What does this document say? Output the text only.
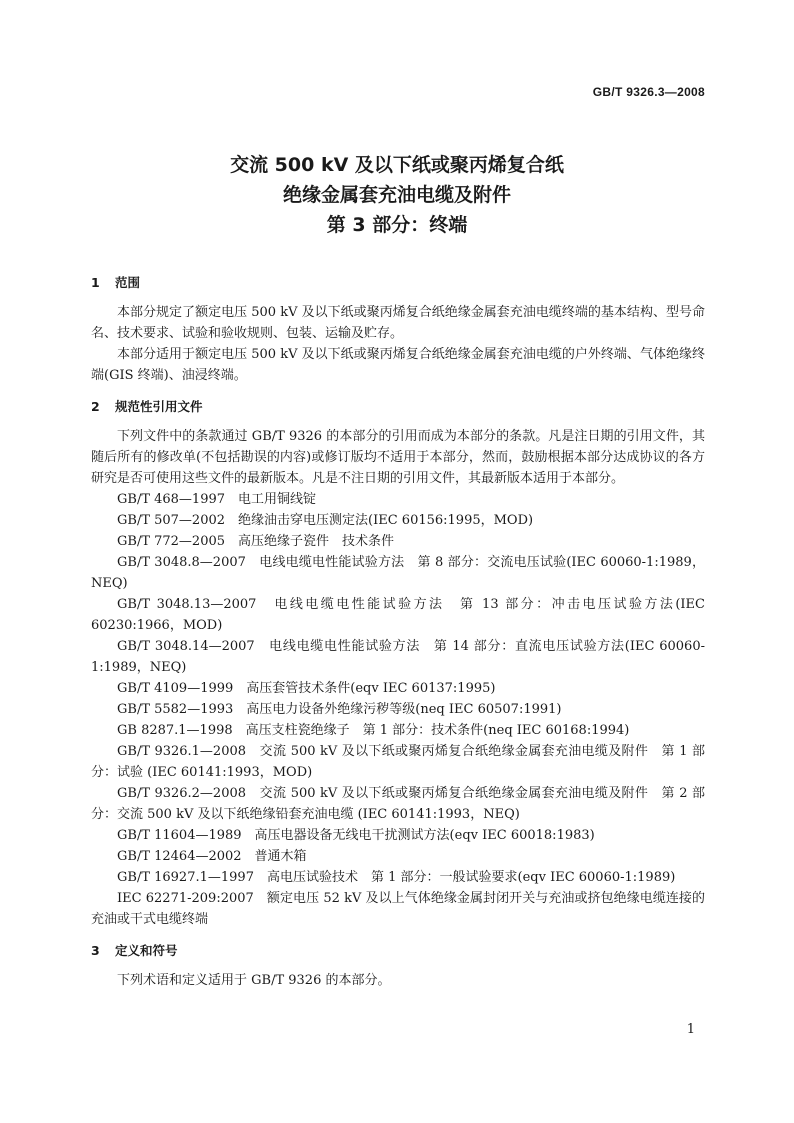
GB/T 9326.3—2008
交流 500 kV 及以下纸或聚丙烯复合纸
绝缘金属套充油电缆及附件
第 3 部分：终端
1 范围

本部分规定了额定电压 500 kV 及以下纸或聚丙烯复合纸绝缘金属套充油电缆终端的基本结构、型号命名、技术要求、试验和验收规则、包装、运输及贮存。

本部分适用于额定电压 500 kV 及以下纸或聚丙烯复合纸绝缘金属套充油电缆的户外终端、气体绝缘终端(GIS 终端)、油浸终端。

2 规范性引用文件

下列文件中的条款通过 GB/T 9326 的本部分的引用而成为本部分的条款。凡是注日期的引用文件，其随后所有的修改单(不包括勘误的内容)或修订版均不适用于本部分，然而，鼓励根据本部分达成协议的各方研究是否可使用这些文件的最新版本。凡是不注日期的引用文件，其最新版本适用于本部分。

GB/T 468—1997　电工用铜线锭

GB/T 507—2002　绝缘油击穿电压测定法(IEC 60156:1995，MOD)

GB/T 772—2005　高压绝缘子瓷件　技术条件

GB/T 3048.8—2007　电线电缆电性能试验方法　第 8 部分：交流电压试验(IEC 60060-1:1989，NEQ)

GB/T 3048.13—2007　电线电缆电性能试验方法　第 13 部分：冲击电压试验方法(IEC 60230:1966，MOD)

GB/T 3048.14—2007　电线电缆电性能试验方法　第 14 部分：直流电压试验方法(IEC 60060-1:1989，NEQ)

GB/T 4109—1999　高压套管技术条件(eqv IEC 60137:1995)

GB/T 5582—1993　高压电力设备外绝缘污秽等级(neq IEC 60507:1991)

GB 8287.1—1998　高压支柱瓷绝缘子　第 1 部分：技术条件(neq IEC 60168:1994)

GB/T 9326.1—2008　交流 500 kV 及以下纸或聚丙烯复合纸绝缘金属套充油电缆及附件　第 1 部分：试验 (IEC 60141:1993，MOD)

GB/T 9326.2—2008　交流 500 kV 及以下纸或聚丙烯复合纸绝缘金属套充油电缆及附件　第 2 部分：交流 500 kV 及以下纸绝缘铅套充油电缆 (IEC 60141:1993，NEQ)

GB/T 11604—1989　高压电器设备无线电干扰测试方法(eqv IEC 60018:1983)

GB/T 12464—2002　普通木箱

GB/T 16927.1—1997　高电压试验技术　第 1 部分：一般试验要求(eqv IEC 60060-1:1989)

IEC 62271-209:2007　额定电压 52 kV 及以上气体绝缘金属封闭开关与充油或挤包绝缘电缆连接的充油或干式电缆终端

3 定义和符号

下列术语和定义适用于 GB/T 9326 的本部分。

1
